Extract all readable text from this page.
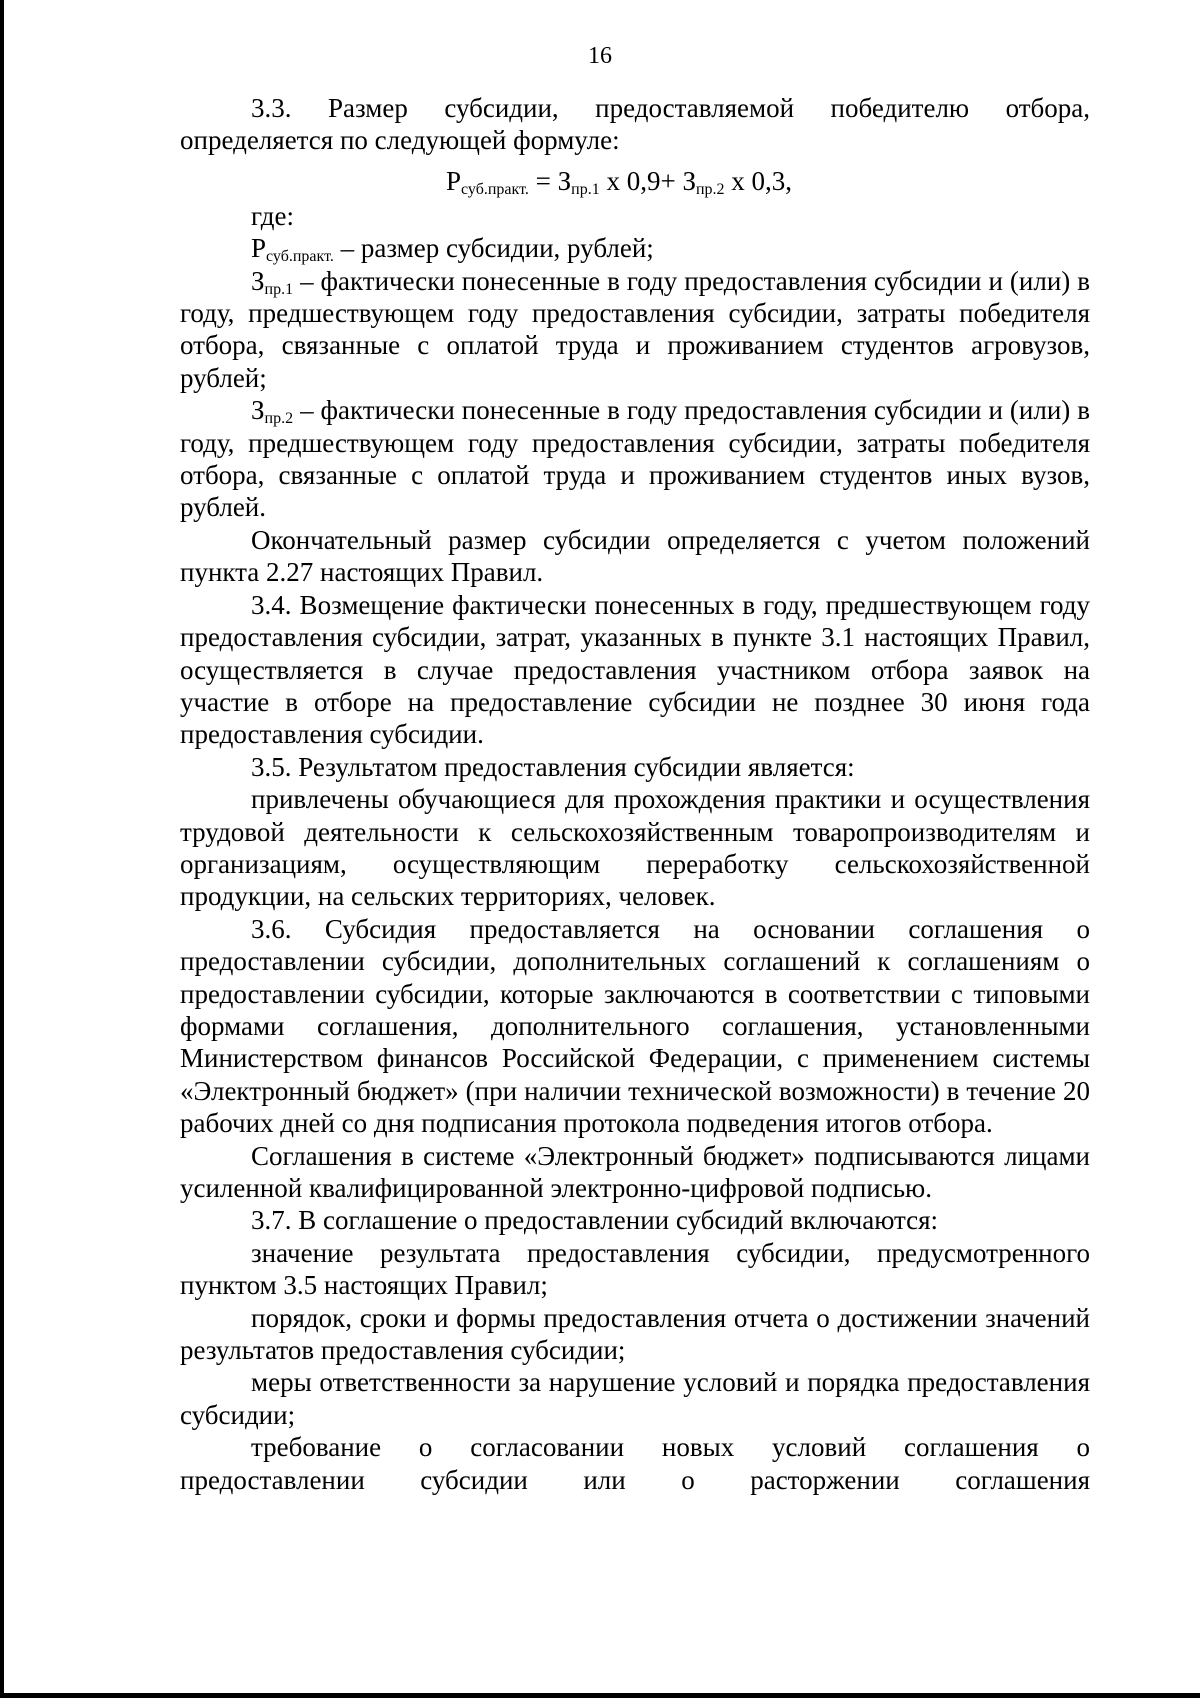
16

3.3. Размер субсидии, предоставляемой победителю отбора, определяется по следующей формуле:

$Р_{суб.практ.} = З_{пр.1}$ х $0,9+ З_{пр.2}$ х 0,3,

где:

$Р_{суб.практ.}$ – размер субсидии, рублей;

$З_{пр.1}$ – фактически понесенные в году предоставления субсидии и (или) в году, предшествующем году предоставления субсидии, затраты победителя отбора, связанные с оплатой труда и проживанием студентов агровузов, рублей;

$З_{пр.2}$ – фактически понесенные в году предоставления субсидии и (или) в году, предшествующем году предоставления субсидии, затраты победителя отбора, связанные с оплатой труда и проживанием студентов иных вузов, рублей.

Окончательный размер субсидии определяется с учетом положений пункта 2.27 настоящих Правил.

3.4. Возмещение фактически понесенных в году, предшествующем году предоставления субсидии, затрат, указанных в пункте 3.1 настоящих Правил, осуществляется в случае предоставления участником отбора заявок на участие в отборе на предоставление субсидии не позднее 30 июня года предоставления субсидии.

3.5. Результатом предоставления субсидии является:

привлечены обучающиеся для прохождения практики и осуществления трудовой деятельности к сельскохозяйственным товаропроизводителям и организациям, осуществляющим переработку сельскохозяйственной продукции, на сельских территориях, человек.

3.6. Субсидия предоставляется на основании соглашения о предоставлении субсидии, дополнительных соглашений к соглашениям о предоставлении субсидии, которые заключаются в соответствии с типовыми формами соглашения, дополнительного соглашения, установленными Министерством финансов Российской Федерации, с применением системы «Электронный бюджет» (при наличии технической возможности) в течение 20 рабочих дней со дня подписания протокола подведения итогов отбора.

Соглашения в системе «Электронный бюджет» подписываются лицами усиленной квалифицированной электронно-цифровой подписью.

3.7. В соглашение о предоставлении субсидий включаются:

значение результата предоставления субсидии, предусмотренного пунктом 3.5 настоящих Правил;

порядок, сроки и формы предоставления отчета о достижении значений результатов предоставления субсидии;

меры ответственности за нарушение условий и порядка предоставления субсидии;

требование о согласовании новых условий соглашения о предоставлении субсидии или о расторжении соглашения
